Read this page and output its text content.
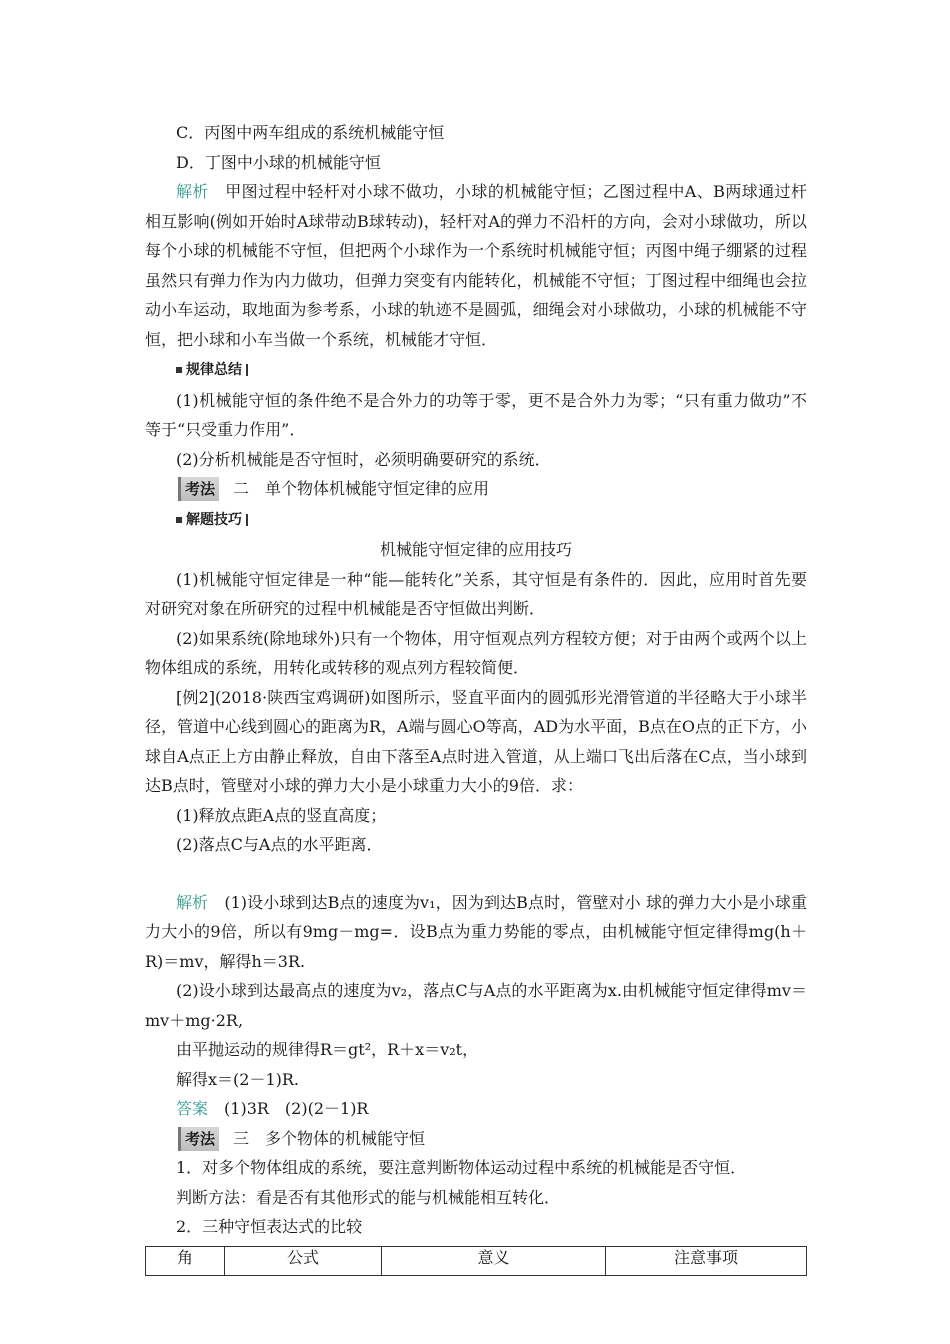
C．丙图中两车组成的系统机械能守恒

D．丁图中小球的机械能守恒

解析　 甲图过程中轻杆对小球不做功，小球的机械能守恒；乙图过程中A、B两球通过杆相互影响(例如开始时A球带动B球转动)，轻杆对A的弹力不沿杆的方向，会对小球做功，所以每个小球的机械能不守恒，但把两个小球作为一个系统时机械能守恒；丙图中绳子绷紧的过程虽然只有弹力作为内力做功，但弹力突变有内能转化，机械能不守恒；丁图过程中细绳也会拉动小车运动，取地面为参考系，小球的轨迹不是圆弧，细绳会对小球做功，小球的机械能不守恒，把小球和小车当做一个系统，机械能才守恒．

规律总结

(1)机械能守恒的条件绝不是合外力的功等于零，更不是合外力为零；“只有重力做功”不等于“只受重力作用”．

(2)分析机械能是否守恒时，必须明确要研究的系统．

考法 二　单个物体机械能守恒定律的应用
解题技巧

机械能守恒定律的应用技巧

(1)机械能守恒定律是一种“能—能转化”关系，其守恒是有条件的．因此，应用时首先要对研究对象在所研究的过程中机械能是否守恒做出判断．

(2)如果系统(除地球外)只有一个物体，用守恒观点列方程较方便；对于由两个或两个以上物体组成的系统，用转化或转移的观点列方程较简便．

[例2](2018·陕西宝鸡调研)如图所示，竖直平面内的圆弧形光滑管道的半径略大于小球半径，管道中心线到圆心的距离为R，A端与圆心O等高，AD为水平面，B点在O点的正下方，小球自A点正上方由静止释放，自由下落至A点时进入管道，从上端口飞出后落在C点，当小球到达B点时，管壁对小球的弹力大小是小球重力大小的9倍．求：

(1)释放点距A点的竖直高度；

(2)落点C与A点的水平距离．

解析　 (1)设小球到达B点的速度为v₁，因为到达B点时，管壁对小 球的弹力大小是小球重力大小的9倍，所以有9mg－mg=．设B点为重力势能的零点，由机械能守恒定律得mg(h＋R)＝mv，解得h＝3R.

(2)设小球到达最高点的速度为v₂，落点C与A点的水平距离为x.由机械能守恒定律得mv＝mv＋mg·2R,

由平抛运动的规律得R＝gt²，R＋x＝v₂t，

解得x＝(2－1)R.

答案　 (1)3R　(2)(2－1)R

考法 三　多个物体的机械能守恒

1．对多个物体组成的系统，要注意判断物体运动过程中系统的机械能是否守恒．

判断方法：看是否有其他形式的能与机械能相互转化．

2．三种守恒表达式的比较

角	公式	意义	注意事项
